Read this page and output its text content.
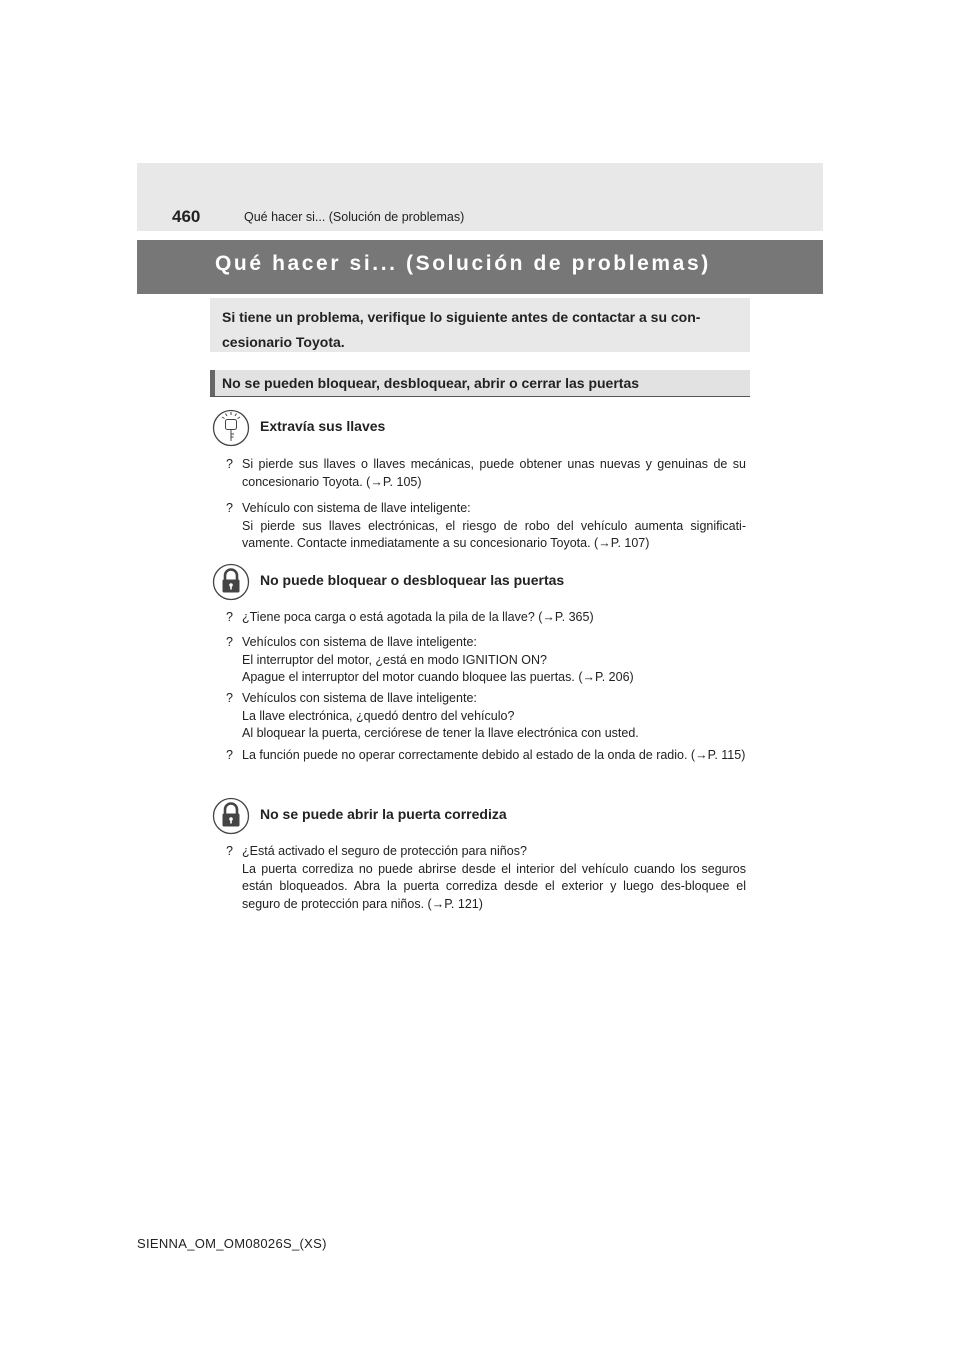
460	Qué hacer si... (Solución de problemas)
Qué hacer si... (Solución de problemas)
Si tiene un problema, verifique lo siguiente antes de contactar a su con-cesionario Toyota.
No se pueden bloquear, desbloquear, abrir o cerrar las puertas
Extravía sus llaves
? Si pierde sus llaves o llaves mecánicas, puede obtener unas nuevas y genuinas de su concesionario Toyota. (→P. 105)
? Vehículo con sistema de llave inteligente:
Si pierde sus llaves electrónicas, el riesgo de robo del vehículo aumenta significati-vamente. Contacte inmediatamente a su concesionario Toyota. (→P. 107)
No puede bloquear o desbloquear las puertas
? ¿Tiene poca carga o está agotada la pila de la llave? (→P. 365)
? Vehículos con sistema de llave inteligente:
El interruptor del motor, ¿está en modo IGNITION ON?
Apague el interruptor del motor cuando bloquee las puertas. (→P. 206)
? Vehículos con sistema de llave inteligente:
La llave electrónica, ¿quedó dentro del vehículo?
Al bloquear la puerta, cerciórese de tener la llave electrónica con usted.
? La función puede no operar correctamente debido al estado de la onda de radio. (→P. 115)
No se puede abrir la puerta corrediza
? ¿Está activado el seguro de protección para niños?
La puerta corrediza no puede abrirse desde el interior del vehículo cuando los seguros están bloqueados. Abra la puerta corrediza desde el exterior y luego des-bloquee el seguro de protección para niños. (→P. 121)
SIENNA_OM_OM08026S_(XS)
